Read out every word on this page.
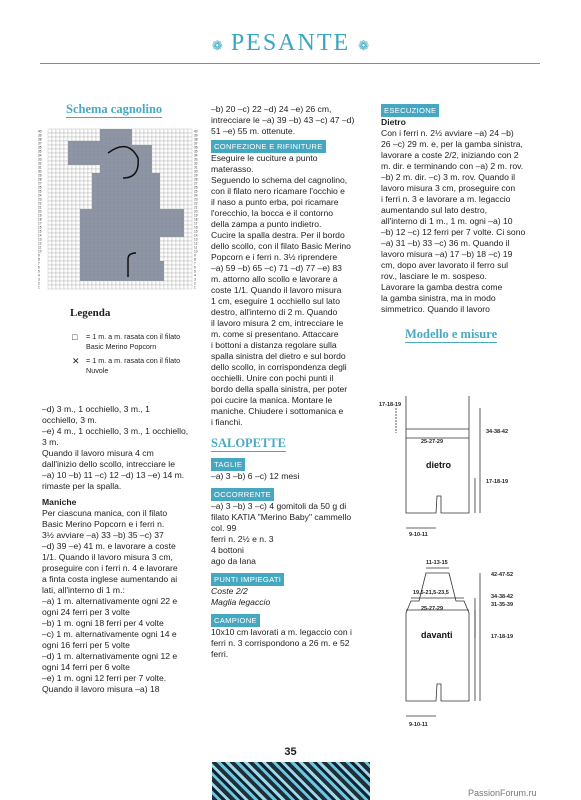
❁ PESANTE ❁
Schema cagnolino
40	40
39	39
38	38
37	37
36	36
35	35
34	34
33	33
32	32
31	31
30	30
29	29
28	28
27	27
26	26
25	25
24	24
23	23
22	22
21	21
20	20
19	19
18	18
17	17
16	16
15	15
14	14
13	13
12	12
11	11
10	10
9	9
8	8
7	7
6	6
5	5
4	4
3	3
2	2
1	1
Legenda
□	= 1 m. a m. rasata con il filato Basic Merino Popcorn
✕ = 1 m. a m. rasata con il filato Nuvole

–d) 3 m., 1 occhiello, 3 m., 1

occhiello, 3 m.

–e) 4 m., 1 occhiello, 3 m., 1 occhiello,

3 m.

Quando il lavoro misura 4 cm

dall'inizio dello scollo, intrecciare le

–a) 10 –b) 11 –c) 12 –d) 13 –e) 14 m.

rimaste per la spalla.

Maniche

Per ciascuna manica, con il filato

Basic Merino Popcorn e i ferri n.

3½ avviare –a) 33 –b) 35 –c) 37

–d) 39 –e) 41 m. e lavorare a coste

1/1. Quando il lavoro misura 3 cm,

proseguire con i ferri n. 4 e lavorare

a finta costa inglese aumentando ai

lati, all'interno di 1 m.:

–a) 1 m. alternativamente ogni 22 e

ogni 24 ferri per 3 volte

–b) 1 m. ogni 18 ferri per 4 volte

–c) 1 m. alternativamente ogni 14 e

ogni 16 ferri per 5 volte

–d) 1 m. alternativamente ogni 12 e

ogni 14 ferri per 6 volte

–e) 1 m. ogni 12 ferri per 7 volte.

Quando il lavoro misura –a) 18

–b) 20 –c) 22 –d) 24 –e) 26 cm,

intrecciare le –a) 39 –b) 43 –c) 47 –d)

51 –e) 55 m. ottenute.

CONFEZIONE E RIFINITURE

Eseguire le cuciture a punto

materasso.

Seguendo lo schema del cagnolino,

con il filato nero ricamare l'occhio e

il naso a punto erba, poi ricamare

l'orecchio, la bocca e il contorno

della zampa a punto indietro.

Cucire la spalla destra. Per il bordo

dello scollo, con il filato Basic Merino

Popcorn e i ferri n. 3½ riprendere

–a) 59 –b) 65 –c) 71 –d) 77 –e) 83

m. attorno allo scollo e lavorare a

coste 1/1. Quando il lavoro misura

1 cm, eseguire 1 occhiello sul lato

destro, all'interno di 2 m. Quando

il lavoro misura 2 cm, intrecciare le

m. come si presentano. Attaccare

i bottoni a distanza regolare sulla

spalla sinistra del dietro e sul bordo

dello scollo, in corrispondenza degli

occhielli. Unire con pochi punti il

bordo della spalla sinistra, per poter

poi cucire la manica. Montare le

maniche. Chiudere i sottomanica e

i fianchi.

SALOPETTE
TAGLIE

–a) 3 –b) 6 –c) 12 mesi

OCCORRENTE

–a) 3 –b) 3 –c) 4 gomitoli da 50 g di

filato KATIA "Merino Baby" cammello

col. 99

ferri n. 2½ e n. 3

4 bottoni

ago da lana

PUNTI IMPIEGATI

Coste 2/2

Maglia legaccio

CAMPIONE

10x10 cm lavorati a m. legaccio con i

ferri n. 3 corrispondono a 26 m. e 52

ferri.

ESECUZIONE

Dietro

Con i ferri n. 2½ avviare –a) 24 –b)

26 –c) 29 m. e, per la gamba sinistra,

lavorare a coste 2/2, iniziando con 2

m. dir. e terminando con –a) 2 m. rov.

–b) 2 m. dir. –c) 3 m. rov. Quando il

lavoro misura 3 cm, proseguire con

i ferri n. 3 e lavorare a m. legaccio

aumentando sul lato destro,

all'interno di 1 m., 1 m. ogni –a) 10

–b) 12 –c) 12 ferri per 7 volte. Ci sono

–a) 31 –b) 33 –c) 36 m. Quando il

lavoro misura –a) 17 –b) 18 –c) 19

cm, dopo aver lavorato il ferro sul

rov., lasciare le m. sospeso.

Lavorare la gamba destra come

la gamba sinistra, ma in modo

simmetrico. Quando il lavoro

Modello e misure
17-18-19
25-27-29
34-38-42
17-18-19
9-10-11
11-13-15
19,5-21,5-23,5
25-27-29
42-47-52
34-38-42
31-35-39
17-18-19
9-10-11
dietro
davanti
35
PassionForum.ru
